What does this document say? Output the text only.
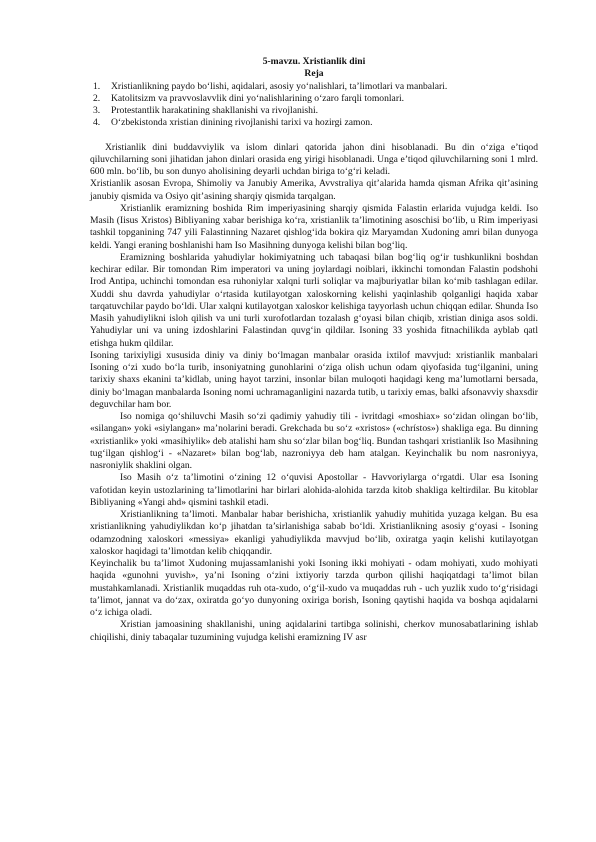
5-mavzu. Xristianlik dini

Reja

1. Xristianlikning paydo bo‘lishi, aqidalari, asosiy yo‘nalishlari, ta’limotlari va manbalari.
2. Katolitsizm va pravvoslavvlik dini yo‘nalishlarining o‘zaro farqli tomonlari.
3. Protestantlik harakatining shakllanishi va rivojlanishi.
4. O‘zbekistonda xristian dinining rivojlanishi tarixi va hozirgi zamon.

Xristianlik dini buddavviylik va islom dinlari qatorida jahon dini hisoblanadi. Bu din o‘ziga e’tiqod qiluvchilarning soni jihatidan jahon dinlari orasida eng yirigi hisoblanadi. Unga e’tiqod qiluvchilarning soni 1 mlrd. 600 mln. bo‘lib, bu son dunyo aholisining deyarli uchdan biriga to‘g‘ri keladi.

Xristianlik asosan Evropa, Shimoliy va Janubiy Amerika, Avvstraliya qit’alarida hamda qisman Afrika qit’asining janubiy qismida va Osiyo qit’asining sharqiy qismida tarqalgan.

Xristianlik eramizning boshida Rim imperiyasining sharqiy qismida Falastin erlarida vujudga keldi. Iso Masih (Iisus Xristos) Bibliyaning xabar berishiga ko‘ra, xristianlik ta’limotining asoschisi bo‘lib, u Rim imperiyasi tashkil topganining 747 yili Falastinning Nazaret qishlog‘ida bokira qiz Maryamdan Xudoning amri bilan dunyoga keldi. Yangi eraning boshlanishi ham Iso Masihning dunyoga kelishi bilan bog‘liq.

Eramizning boshlarida yahudiylar hokimiyatning uch tabaqasi bilan bog‘liq og‘ir tushkunlikni boshdan kechirar edilar. Bir tomondan Rim imperatori va uning joylardagi noiblari, ikkinchi tomondan Falastin podshohi Irod Antipa, uchinchi tomondan esa ruhoniylar xalqni turli soliqlar va majburiyatlar bilan ko‘mib tashlagan edilar. Xuddi shu davrda yahudiylar o‘rtasida kutilayotgan xaloskorning kelishi yaqinlashib qolganligi haqida xabar tarqatuvchilar paydo bo‘ldi. Ular xalqni kutilayotgan xaloskor kelishiga tayyorlash uchun chiqqan edilar. Shunda Iso Masih yahudiylikni isloh qilish va uni turli xurofotlardan tozalash g‘oyasi bilan chiqib, xristian diniga asos soldi. Yahudiylar uni va uning izdoshlarini Falastindan quvg‘in qildilar. Isoning 33 yoshida fitnachilikda ayblab qatl etishga hukm qildilar.

Isoning tarixiyligi xususida diniy va diniy bo‘lmagan manbalar orasida ixtilof mavvjud: xristianlik manbalari Isoning o‘zi xudo bo‘la turib, insoniyatning gunohlarini o‘ziga olish uchun odam qiyofasida tug‘ilganini, uning tarixiy shaxs ekanini ta’kidlab, uning hayot tarzini, insonlar bilan muloqoti haqidagi keng ma’lumotlarni bersada, diniy bo‘lmagan manbalarda Isoning nomi uchramaganligini nazarda tutib, u tarixiy emas, balki afsonavviy shaxsdir deguvchilar ham bor.

Iso nomiga qo‘shiluvchi Masih so‘zi qadimiy yahudiy tili - ivritdagi «moshiax» so‘zidan olingan bo‘lib, «silangan» yoki «siylangan» ma’nolarini beradi. Grekchada bu so‘z «xristos» («chrístos») shakliga ega. Bu dinning «xristianlik» yoki «masihiylik» deb atalishi ham shu so‘zlar bilan bog‘liq. Bundan tashqari xristianlik Iso Masihning tug‘ilgan qishlog‘i - «Nazaret» bilan bog‘lab, nazroniyya deb ham atalgan. Keyinchalik bu nom nasroniyya, nasroniylik shaklini olgan.

Iso Masih o‘z ta’limotini o‘zining 12 o‘quvisi Apostollar - Havvoriylarga o‘rgatdi. Ular esa Isoning vafotidan keyin ustozlarining ta’limotlarini har birlari alohida-alohida tarzda kitob shakliga keltirdilar. Bu kitoblar Bibliyaning «Yangi ahd» qismini tashkil etadi.

Xristianlikning ta’limoti. Manbalar habar berishicha, xristianlik yahudiy muhitida yuzaga kelgan. Bu esa xristianlikning yahudiylikdan ko‘p jihatdan ta’sirlanishiga sabab bo‘ldi. Xristianlikning asosiy g‘oyasi - Isoning odamzodning xaloskori «messiya» ekanligi yahudiylikda mavvjud bo‘lib, oxiratga yaqin kelishi kutilayotgan xaloskor haqidagi ta’limotdan kelib chiqqandir.

Keyinchalik bu ta’limot Xudoning mujassamlanishi yoki Isoning ikki mohiyati - odam mohiyati, xudo mohiyati haqida «gunohni yuvish», ya’ni Isoning o‘zini ixtiyoriy tarzda qurbon qilishi haqiqatdagi ta’limot bilan mustahkamlanadi. Xristianlik muqaddas ruh ota-xudo, o‘g‘il-xudo va muqaddas ruh - uch yuzlik xudo to‘g‘risidagi ta’limot, jannat va do‘zax, oxiratda go‘yo dunyoning oxiriga borish, Isoning qaytishi haqida va boshqa aqidalarni o‘z ichiga oladi.

Xristian jamoasining shakllanishi, uning aqidalarini tartibga solinishi, cherkov munosabatlarining ishlab chiqilishi, diniy tabaqalar tuzumining vujudga kelishi eramizning IV asr
